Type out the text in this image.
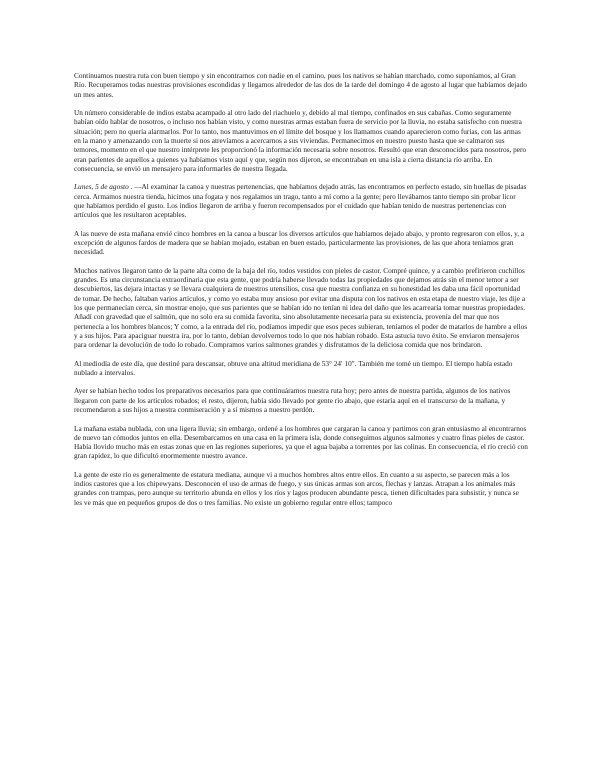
Continuamos nuestra ruta con buen tiempo y sin encontrarnos con nadie en el camino, pues los nativos se habían marchado, como suponíamos, al Gran Río. Recuperamos todas nuestras provisiones escondidas y llegamos alrededor de las dos de la tarde del domingo 4 de agosto al lugar que habíamos dejado un mes antes.

Un número considerable de indios estaba acampado al otro lado del riachuelo y, debido al mal tiempo, confinados en sus cabañas. Como seguramente habían oído hablar de nosotros, o incluso nos habían visto, y como nuestras armas estaban fuera de servicio por la lluvia, no estaba satisfecho con nuestra situación; pero no quería alarmarlos. Por lo tanto, nos mantuvimos en el límite del bosque y los llamamos cuando aparecieron como furias, con las armas en la mano y amenazando con la muerte si nos atrevíamos a acercarnos a sus viviendas. Permanecimos en nuestro puesto hasta que se calmaron sus temores, momento en el que nuestro intérprete les proporcionó la información necesaria sobre nosotros. Resultó que eran desconocidos para nosotros, pero eran parientes de aquellos a quienes ya habíamos visto aquí y que, según nos dijeron, se encontraban en una isla a cierta distancia río arriba. En consecuencia, se envió un mensajero para informarles de nuestra llegada.

Lunes, 5 de agosto . —Al examinar la canoa y nuestras pertenencias, que habíamos dejado atrás, las encontramos en perfecto estado, sin huellas de pisadas cerca. Armamos nuestra tienda, hicimos una fogata y nos regalamos un trago, tanto a mí como a la gente; pero llevábamos tanto tiempo sin probar licor que habíamos perdido el gusto. Los indios llegaron de arriba y fueron recompensados por el cuidado que habían tenido de nuestras pertenencias con artículos que les resultaron aceptables.

A las nueve de esta mañana envié cinco hombres en la canoa a buscar los diversos artículos que habíamos dejado abajo, y pronto regresaron con ellos, y, a excepción de algunos fardos de madera que se habían mojado, estaban en buen estado, particularmente las provisiones, de las que ahora teníamos gran necesidad.

Muchos nativos llegaron tanto de la parte alta como de la baja del río, todos vestidos con pieles de castor. Compré quince, y a cambio prefirieron cuchillos grandes. Es una circunstancia extraordinaria que esta gente, que podría haberse llevado todas las propiedades que dejamos atrás sin el menor temor a ser descubiertos, las dejara intactas y se llevara cualquiera de nuestros utensilios, cosa que nuestra confianza en su honestidad les daba una fácil oportunidad de tomar. De hecho, faltaban varios artículos, y como yo estaba muy ansioso por evitar una disputa con los nativos en esta etapa de nuestro viaje, les dije a los que permanecían cerca, sin mostrar enojo, que sus parientes que se habían ido no tenían ni idea del daño que les acarrearía tomar nuestras propiedades. Añadí con gravedad que el salmón, que no solo era su comida favorita, sino absolutamente necesaria para su existencia, provenía del mar que nos pertenecía a los hombres blancos; Y como, a la entrada del río, podíamos impedir que esos peces subieran, teníamos el poder de matarlos de hambre a ellos y a sus hijos. Para apaciguar nuestra ira, por lo tanto, debían devolvernos todo lo que nos habían robado. Esta astucia tuvo éxito. Se enviaron mensajeros para ordenar la devolución de todo lo robado. Compramos varios salmones grandes y disfrutamos de la deliciosa comida que nos brindaron.

Al mediodía de este día, que destiné para descansar, obtuve una altitud meridiana de 53° 24′ 10″. También me tomé un tiempo. El tiempo había estado nublado a intervalos.

Ayer se habían hecho todos los preparativos necesarios para que continuáramos nuestra ruta hoy; pero antes de nuestra partida, algunos de los nativos llegaron con parte de los artículos robados; el resto, dijeron, había sido llevado por gente río abajo, que estaría aquí en el transcurso de la mañana, y recomendaron a sus hijos a nuestra conmiseración y a sí mismos a nuestro perdón.

La mañana estaba nublada, con una ligera lluvia; sin embargo, ordené a los hombres que cargaran la canoa y partimos con gran entusiasmo al encontrarnos de nuevo tan cómodos juntos en ella. Desembarcamos en una casa en la primera isla, donde conseguimos algunos salmones y cuatro finas pieles de castor. Había llovido mucho más en estas zonas que en las regiones superiores, ya que el agua bajaba a torrentes por las colinas. En consecuencia, el río creció con gran rapidez, lo que dificultó enormemente nuestro avance.

La gente de este río es generalmente de estatura mediana, aunque vi a muchos hombres altos entre ellos. En cuanto a su aspecto, se parecen más a los indios castores que a los chipewyans. Desconocen el uso de armas de fuego, y sus únicas armas son arcos, flechas y lanzas. Atrapan a los animales más grandes con trampas, pero aunque su territorio abunda en ellos y los ríos y lagos producen abundante pesca, tienen dificultades para subsistir, y nunca se les ve más que en pequeños grupos de dos o tres familias. No existe un gobierno regular entre ellos; tampoco
